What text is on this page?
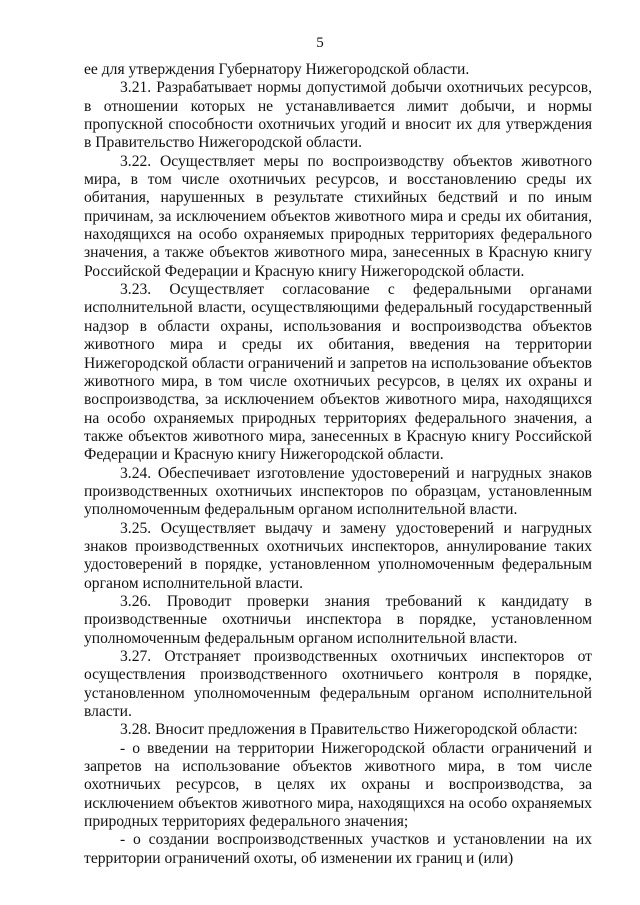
5

ее для утверждения Губернатору Нижегородской области.

3.21. Разрабатывает нормы допустимой добычи охотничьих ресурсов, в отношении которых не устанавливается лимит добычи, и нормы пропускной способности охотничьих угодий и вносит их для утверждения в Правительство Нижегородской области.

3.22. Осуществляет меры по воспроизводству объектов животного мира, в том числе охотничьих ресурсов, и восстановлению среды их обитания, нарушенных в результате стихийных бедствий и по иным причинам, за исключением объектов животного мира и среды их обитания, находящихся на особо охраняемых природных территориях федерального значения, а также объектов животного мира, занесенных в Красную книгу Российской Федерации и Красную книгу Нижегородской области.

3.23. Осуществляет согласование с федеральными органами исполнительной власти, осуществляющими федеральный государственный надзор в области охраны, использования и воспроизводства объектов животного мира и среды их обитания, введения на территории Нижегородской области ограничений и запретов на использование объектов животного мира, в том числе охотничьих ресурсов, в целях их охраны и воспроизводства, за исключением объектов животного мира, находящихся на особо охраняемых природных территориях федерального значения, а также объектов животного мира, занесенных в Красную книгу Российской Федерации и Красную книгу Нижегородской области.

3.24. Обеспечивает изготовление удостоверений и нагрудных знаков производственных охотничьих инспекторов по образцам, установленным уполномоченным федеральным органом исполнительной власти.

3.25. Осуществляет выдачу и замену удостоверений и нагрудных знаков производственных охотничьих инспекторов, аннулирование таких удостоверений в порядке, установленном уполномоченным федеральным органом исполнительной власти.

3.26. Проводит проверки знания требований к кандидату в производственные охотничьи инспектора в порядке, установленном уполномоченным федеральным органом исполнительной власти.

3.27. Отстраняет производственных охотничьих инспекторов от осуществления производственного охотничьего контроля в порядке, установленном уполномоченным федеральным органом исполнительной власти.

3.28. Вносит предложения в Правительство Нижегородской области:

- о введении на территории Нижегородской области ограничений и запретов на использование объектов животного мира, в том числе охотничьих ресурсов, в целях их охраны и воспроизводства, за исключением объектов животного мира, находящихся на особо охраняемых природных территориях федерального значения;

- о создании воспроизводственных участков и установлении на их территории ограничений охоты, об изменении их границ и (или)
